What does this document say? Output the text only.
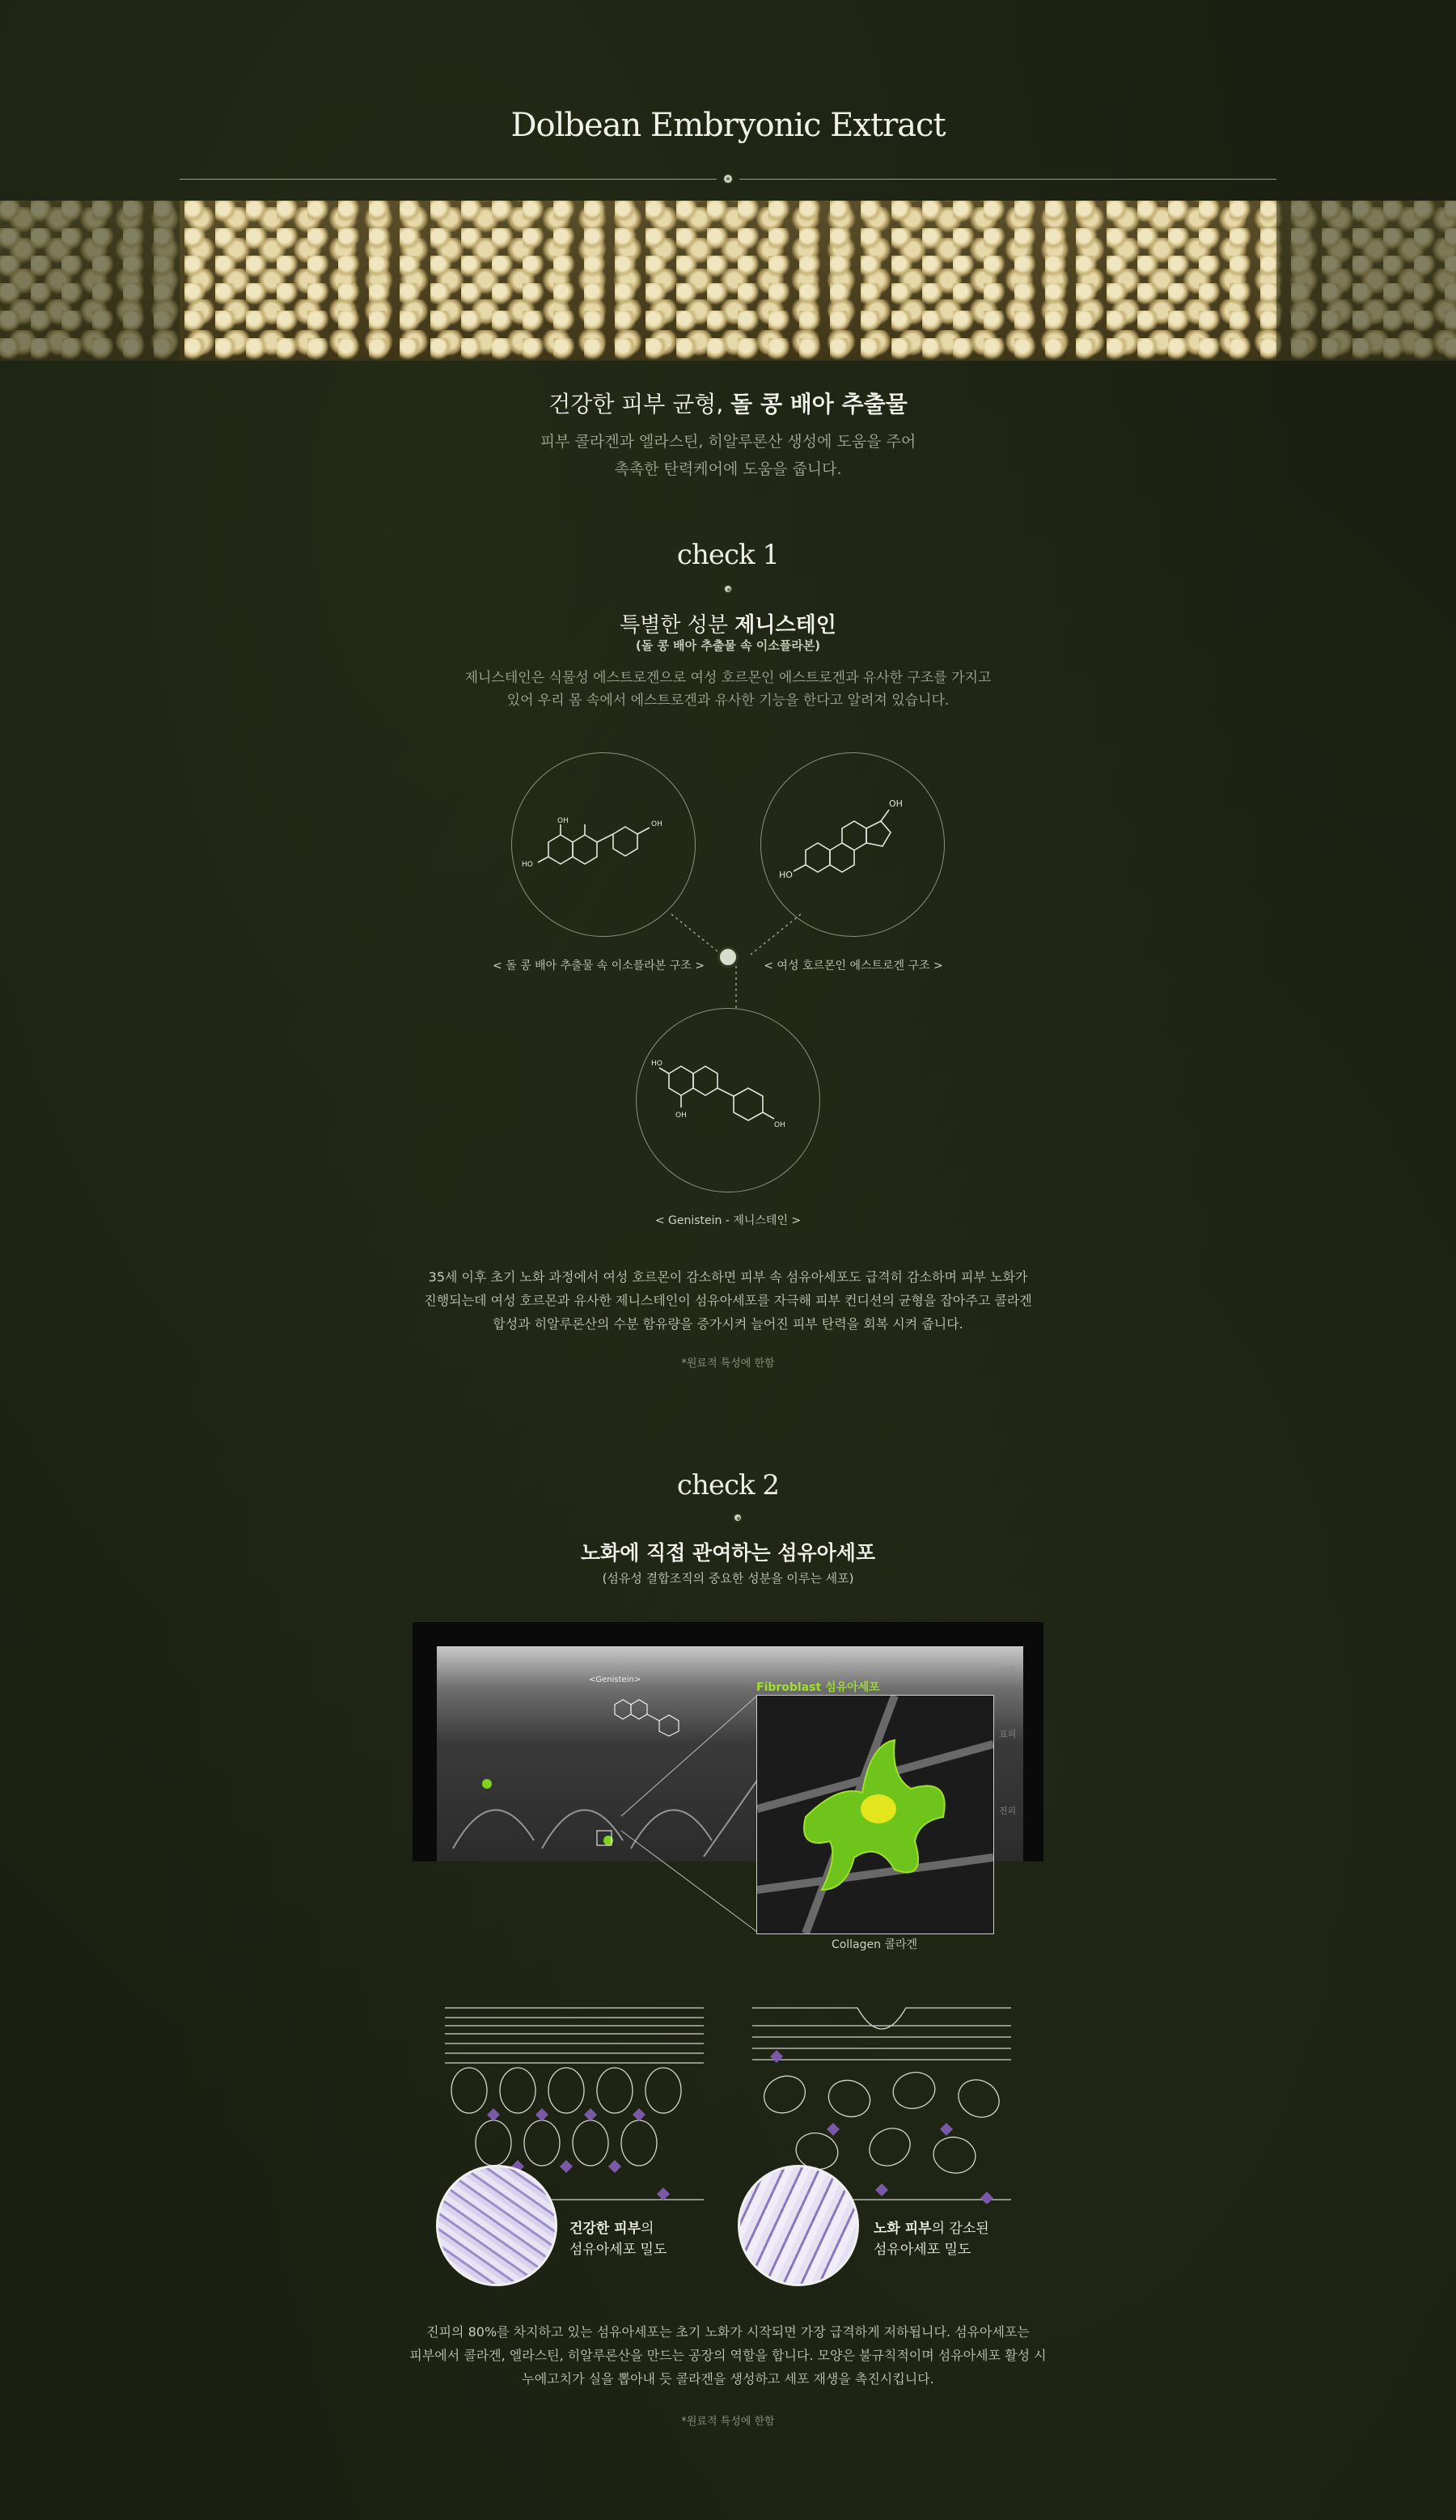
Dolbean Embryonic Extract
건강한 피부 균형, 돌 콩 배아 추출물
피부 콜라겐과 엘라스틴, 히알루론산 생성에 도움을 주어
촉촉한 탄력케어에 도움을 줍니다.
check 1
특별한 성분 제니스테인
(돌 콩 배아 추출물 속 이소플라본)
제니스테인은 식물성 에스트로겐으로 여성 호르몬인 에스트로겐과 유사한 구조를 가지고
있어 우리 몸 속에서 에스트로겐과 유사한 기능을 한다고 알려져 있습니다.
OH	OH
HO
OH
HO
< 돌 콩 배아 추출물 속 이소플라본 구조 >	< 여성 호르몬인 에스트로겐 구조 >
HO
OH
OH
< Genistein - 제니스테인 >
35세 이후 초기 노화 과정에서 여성 호르몬이 감소하면 피부 속 섬유아세포도 급격히 감소하며 피부 노화가
진행되는데 여성 호르몬과 유사한 제니스테인이 섬유아세포를 자극해 피부 컨디션의 균형을 잡아주고 콜라겐
합성과 히알루론산의 수분 함유량을 증가시켜 늘어진 피부 탄력을 회복 시켜 줍니다.
*원료적 특성에 한함
check 2
노화에 직접 관여하는 섬유아세포
(섬유성 결합조직의 중요한 성분을 이루는 세포)
<Genistein>
Fibroblast 섬유아세포
각질
표피
진피
Collagen 콜라겐
건강한 피부의
섬유아세포 밀도
노화 피부의 감소된
섬유아세포 밀도
진피의 80%를 차지하고 있는 섬유아세포는 초기 노화가 시작되면 가장 급격하게 저하됩니다. 섬유아세포는
피부에서 콜라겐, 엘라스틴, 히알루론산을 만드는 공장의 역할을 합니다. 모양은 불규칙적이며 섬유아세포 활성 시
누에고치가 실을 뽑아내 듯 콜라겐을 생성하고 세포 재생을 촉진시킵니다.
*원료적 특성에 한함
